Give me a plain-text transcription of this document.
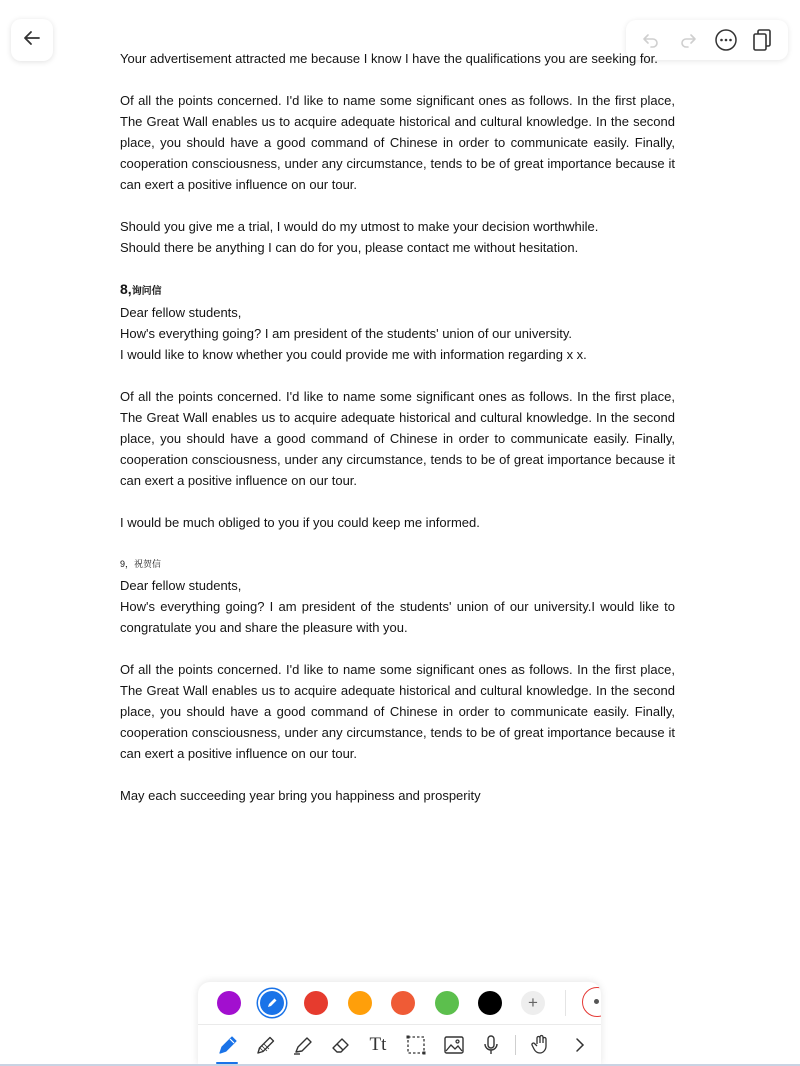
Your advertisement attracted me because I know I have the qualifications you are seeking for.

Of all the points concerned. I'd like to name some significant ones as follows. In the first place, The Great Wall enables us to acquire adequate historical and cultural knowledge. In the second place, you should have a good command of Chinese in order to communicate easily. Finally, cooperation consciousness, under any circumstance, tends to be of great importance because it can exert a positive influence on our tour.

Should you give me a trial, I would do my utmost to make your decision worthwhile.

Should there be anything I can do for you, please contact me without hesitation.

8,询问信

Dear fellow students,

How's everything going? I am president of the students' union of our university.

I would like to know whether you could provide me with information regarding x x.

Of all the points concerned. I'd like to name some significant ones as follows. In the first place, The Great Wall enables us to acquire adequate historical and cultural knowledge. In the second place, you should have a good command of Chinese in order to communicate easily. Finally, cooperation consciousness, under any circumstance, tends to be of great importance because it can exert a positive influence on our tour.

I would be much obliged to you if you could keep me informed.

9，祝贺信

Dear fellow students,

How's everything going? I am president of the students' union of our university.I would like to congratulate you and share the pleasure with you.

Of all the points concerned. I'd like to name some significant ones as follows. In the first place, The Great Wall enables us to acquire adequate historical and cultural knowledge. In the second place, you should have a good command of Chinese in order to communicate easily. Finally, cooperation consciousness, under any circumstance, tends to be of great importance because it can exert a positive influence on our tour.

May each succeeding year bring you happiness and prosperity

+
Tt
